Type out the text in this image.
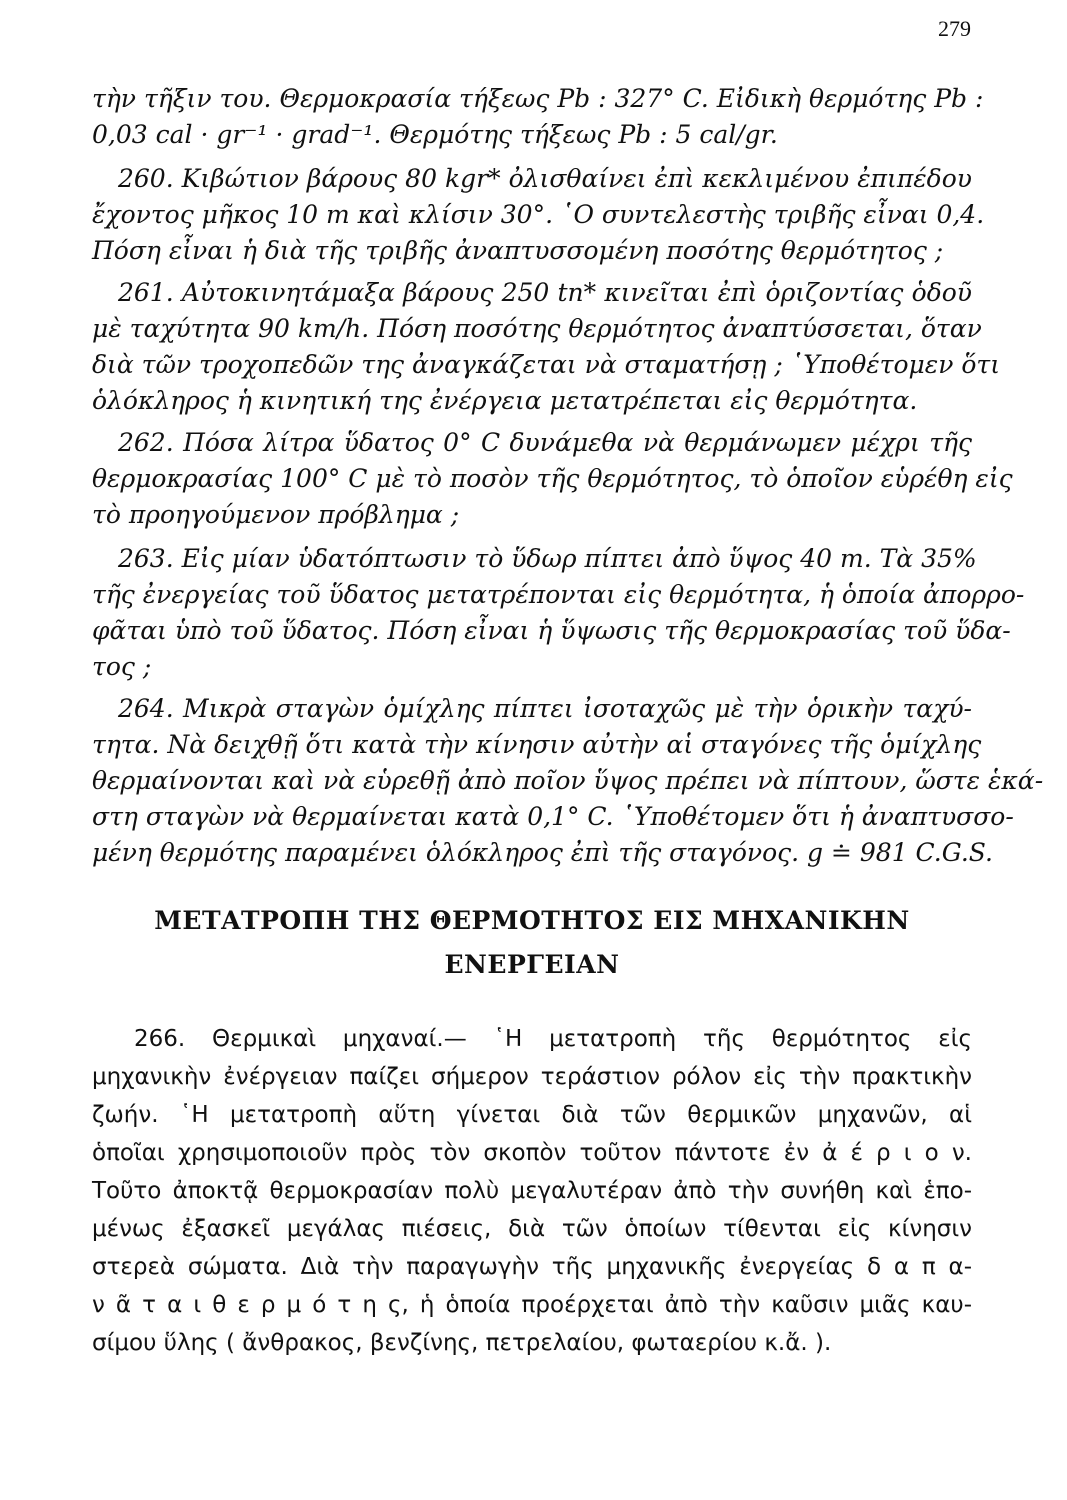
279
τὴν τῆξιν του. Θερμοκρασία τήξεως Pb : 327° C. Εἰδικὴ θερμότης Pb :
0,03 cal · gr⁻¹ · grad⁻¹. Θερμότης τήξεως Pb : 5 cal/gr.
260. Κιβώτιον βάρους 80 kgr* ὀλισθαίνει ἐπὶ κεκλιμένου ἐπιπέδου
ἔχοντος μῆκος 10 m καὶ κλίσιν 30°. ῾Ο συντελεστὴς τριβῆς εἶναι 0,4.
Πόση εἶναι ἡ διὰ τῆς τριβῆς ἀναπτυσσομένη ποσότης θερμότητος ;
261. Αὐτοκινητάμαξα βάρους 250 tn* κινεῖται ἐπὶ ὁριζοντίας ὁδοῦ
μὲ ταχύτητα 90 km/h. Πόση ποσότης θερμότητος ἀναπτύσσεται, ὅταν
διὰ τῶν τροχοπεδῶν της ἀναγκάζεται νὰ σταματήσῃ ; ῾Υποθέτομεν ὅτι
ὁλόκληρος ἡ κινητική της ἐνέργεια μετατρέπεται εἰς θερμότητα.
262. Πόσα λίτρα ὕδατος 0° C δυνάμεθα νὰ θερμάνωμεν μέχρι τῆς
θερμοκρασίας 100° C μὲ τὸ ποσὸν τῆς θερμότητος, τὸ ὁποῖον εὑρέθη εἰς
τὸ προηγούμενον πρόβλημα ;
263. Εἰς μίαν ὑδατόπτωσιν τὸ ὕδωρ πίπτει ἀπὸ ὕψος 40 m. Τὰ 35%
τῆς ἐνεργείας τοῦ ὕδατος μετατρέπονται εἰς θερμότητα, ἡ ὁποία ἀπορρο-
φᾶται ὑπὸ τοῦ ὕδατος. Πόση εἶναι ἡ ὕψωσις τῆς θερμοκρασίας τοῦ ὕδα-
τος ;
264. Μικρὰ σταγὼν ὁμίχλης πίπτει ἰσοταχῶς μὲ τὴν ὁρικὴν ταχύ-
τητα. Νὰ δειχθῇ ὅτι κατὰ τὴν κίνησιν αὐτὴν αἱ σταγόνες τῆς ὁμίχλης
θερμαίνονται καὶ νὰ εὑρεθῇ ἀπὸ ποῖον ὕψος πρέπει νὰ πίπτουν, ὥστε ἑκά-
στη σταγὼν νὰ θερμαίνεται κατὰ 0,1° C. ῾Υποθέτομεν ὅτι ἡ ἀναπτυσσο-
μένη θερμότης παραμένει ὁλόκληρος ἐπὶ τῆς σταγόνος. g ≐ 981 C.G.S.
ΜΕΤΑΤΡΟΠΗ ΤΗΣ ΘΕΡΜΟΤΗΤΟΣ ΕΙΣ ΜΗΧΑΝΙΚΗΝ
ΕΝΕΡΓΕΙΑΝ
266. Θερμικαὶ μηχαναί.— ῾Η μετατροπὴ τῆς θερμότητος εἰς
μηχανικὴν ἐνέργειαν παίζει σήμερον τεράστιον ρόλον εἰς τὴν πρακτικὴν
ζωήν. ῾Η μετατροπὴ αὕτη γίνεται διὰ τῶν θερμικῶν μηχανῶν, αἱ
ὁποῖαι χρησιμοποιοῦν πρὸς τὸν σκοπὸν τοῦτον πάντοτε ἐν ἀ έ ρ ι ο ν.
Τοῦτο ἀποκτᾷ θερμοκρασίαν πολὺ μεγαλυτέραν ἀπὸ τὴν συνήθη καὶ ἑπο-
μένως ἐξασκεῖ μεγάλας πιέσεις, διὰ τῶν ὁποίων τίθενται εἰς κίνησιν
στερεὰ σώματα. Διὰ τὴν παραγωγὴν τῆς μηχανικῆς ἐνεργείας δ α π α-
ν ᾶ τ α ι θ ε ρ μ ό τ η ς, ἡ ὁποία προέρχεται ἀπὸ τὴν καῦσιν μιᾶς καυ-
σίμου ὕλης ( ἄνθρακος, βενζίνης, πετρελαίου, φωταερίου κ.ἄ. ).
